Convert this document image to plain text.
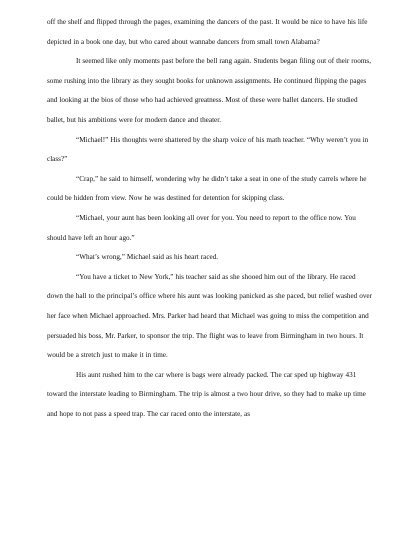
off the shelf and flipped through the pages, examining the dancers of the past. It would be nice to have his life depicted in a book one day, but who cared about wannabe dancers from small town Alabama?

It seemed like only moments past before the bell rang again. Students began filing out of their rooms, some rushing into the library as they sought books for unknown assignments. He continued flipping the pages and looking at the bios of those who had achieved greatness. Most of these were ballet dancers. He studied ballet, but his ambitions were for modern dance and theater.

“Michael!” His thoughts were shattered by the sharp voice of his math teacher. “Why weren’t you in class?”

“Crap,” he said to himself, wondering why he didn’t take a seat in one of the study carrels where he could be hidden from view. Now he was destined for detention for skipping class.

“Michael, your aunt has been looking all over for you. You need to report to the office now. You should have left an hour ago.”

“What’s wrong,” Michael said as his heart raced.

“You have a ticket to New York,” his teacher said as she shooed him out of the library. He raced down the hall to the principal’s office where his aunt was looking panicked as she paced, but relief washed over her face when Michael approached. Mrs. Parker had heard that Michael was going to miss the competition and persuaded his boss, Mr. Parker, to sponsor the trip. The flight was to leave from Birmingham in two hours. It would be a stretch just to make it in time.

His aunt rushed him to the car where is bags were already packed. The car sped up highway 431 toward the interstate leading to Birmingham. The trip is almost a two hour drive, so they had to make up time and hope to not pass a speed trap. The car raced onto the interstate, as
